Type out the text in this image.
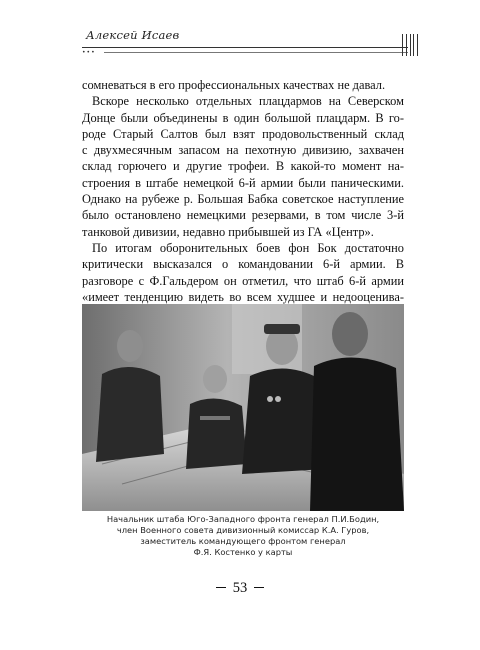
Алексей Исаев
•••
сомневаться в его профессиональных качествах не давал.
Вскоре несколько отдельных плацдармов на Северском
Донце были объединены в один большой плацдарм. В го-
роде Старый Салтов был взят продовольственный склад
с двухмесячным запасом на пехотную дивизию, захвачен
склад горючего и другие трофеи. В какой-то момент на-
строения в штабе немецкой 6-й армии были паническими.
Однако на рубеже р. Большая Бабка советское наступление
было остановлено немецкими резервами, в том числе 3-й
танковой дивизии, недавно прибывшей из ГА «Центр».
По итогам оборонительных боев фон Бок достаточно
критически высказался о командовании 6-й армии. В
разговоре с Ф.Гальдером он отметил, что штаб 6-й армии
«имеет тенденцию видеть во всем худшее и недооценива-
Начальник штаба Юго-Западного фронта генерал П.И.Бодин,
член Военного совета дивизионный комиссар К.А. Гуров,
заместитель командующего фронтом генерал
Ф.Я. Костенко у карты
53
